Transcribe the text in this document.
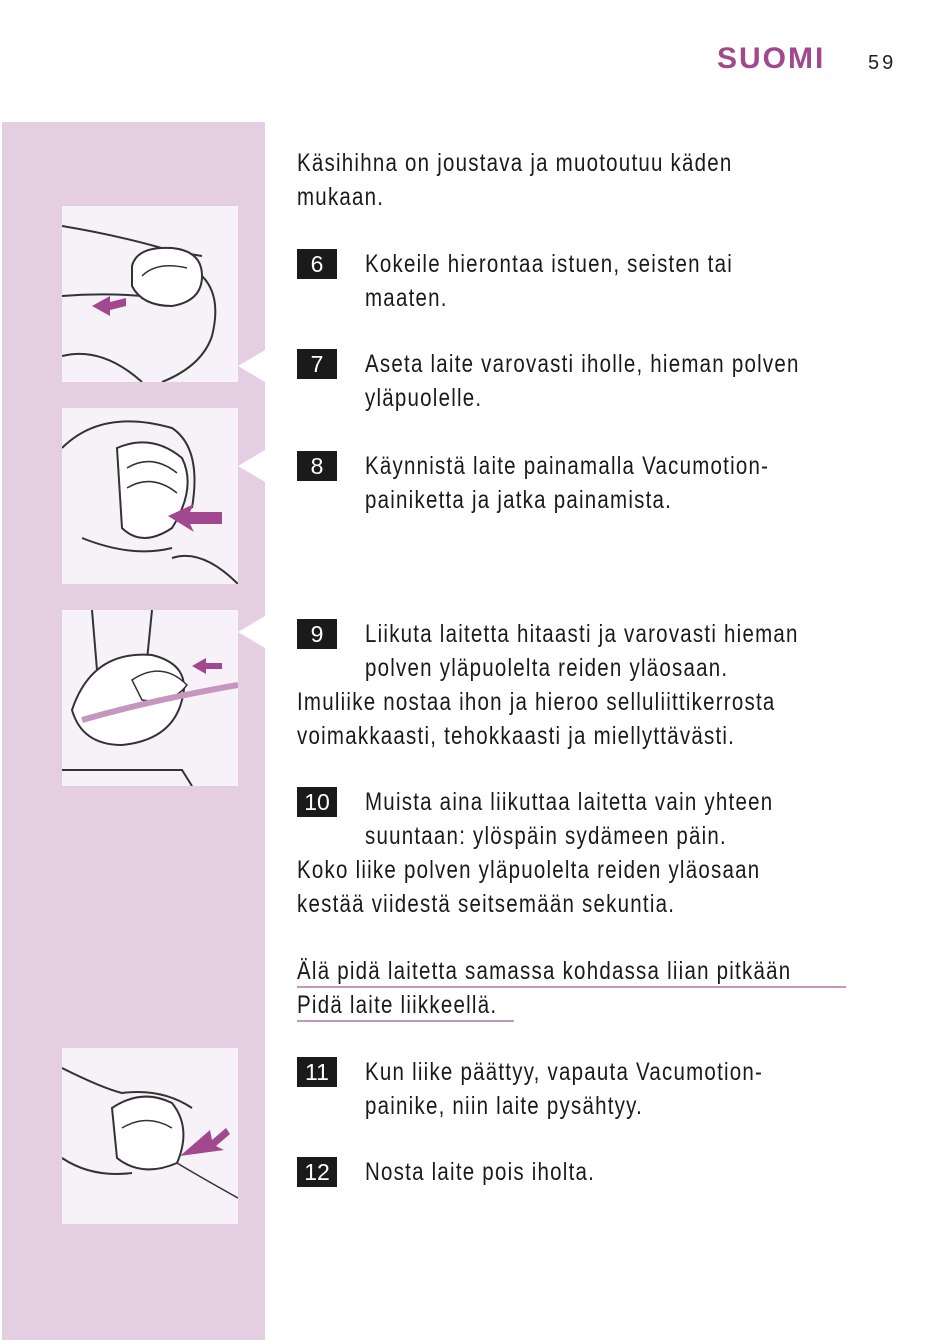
SUOMI 59
Käsihihna on joustava ja muotoutuu käden
mukaan.
6	Kokeile hierontaa istuen, seisten tai
maaten.
7	Aseta laite varovasti iholle, hieman polven
yläpuolelle.
8	Käynnistä laite painamalla Vacumotion-
painiketta ja jatka painamista.
9	Liikuta laitetta hitaasti ja varovasti hieman
polven yläpuolelta reiden yläosaan.
Imuliike nostaa ihon ja hieroo selluliittikerrosta
voimakkaasti, tehokkaasti ja miellyttävästi.
10 Muista aina liikuttaa laitetta vain yhteen
suuntaan: ylöspäin sydämeen päin.
Koko liike polven yläpuolelta reiden yläosaan
kestää viidestä seitsemään sekuntia.
Älä pidä laitetta samassa kohdassa liian pitkään
Pidä laite liikkeellä.
11	Kun liike päättyy, vapauta Vacumotion-
painike, niin laite pysähtyy.
12 Nosta laite pois iholta.
